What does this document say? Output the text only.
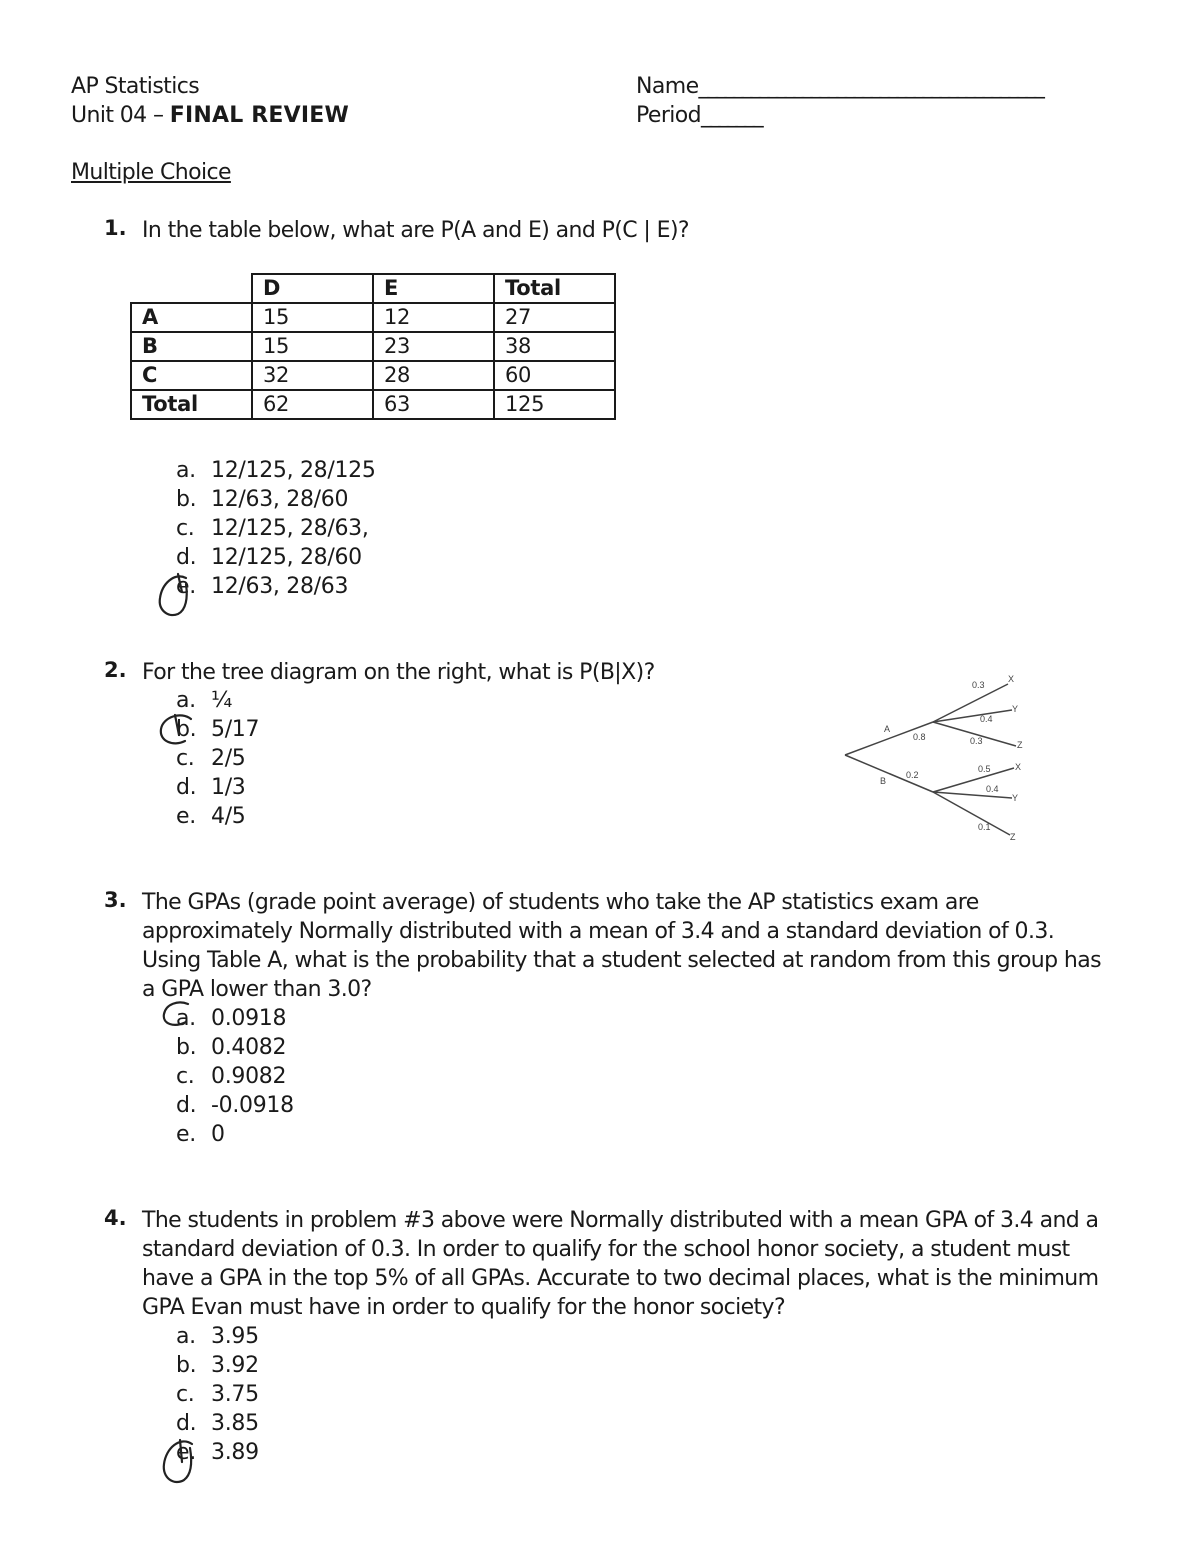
AP Statistics
Unit 04 – FINAL REVIEW
Name________________________________________
Period_______
Multiple Choice
1. In the table below, what are P(A and E) and P(C | E)?
	D	E	Total
A	15	12	27
B	15	23	38
C	32	28	60
Total	62	63	125
a. 12/125, 28/125
b. 12/63, 28/60
c. 12/125, 28/63,
d. 12/125, 28/60
e. 12/63, 28/63
2. For the tree diagram on the right, what is P(B|X)?
a. ¼
b. 5/17
c. 2/5
d. 1/3
e. 4/5
A
B
0.8
0.2
0.3
0.4
0.3
0.5
0.4
0.1
X
Y
Z
X
Y
Z
3. The GPAs (grade point average) of students who take the AP statistics exam are approximately Normally distributed with a mean of 3.4 and a standard deviation of 0.3. Using Table A, what is the probability that a student selected at random from this group has a GPA lower than 3.0?
a. 0.0918
b. 0.4082
c. 0.9082
d. -0.0918
e. 0
4. The students in problem #3 above were Normally distributed with a mean GPA of 3.4 and a standard deviation of 0.3. In order to qualify for the school honor society, a student must have a GPA in the top 5% of all GPAs. Accurate to two decimal places, what is the minimum GPA Evan must have in order to qualify for the honor society?
a. 3.95
b. 3.92
c. 3.75
d. 3.85
e. 3.89
